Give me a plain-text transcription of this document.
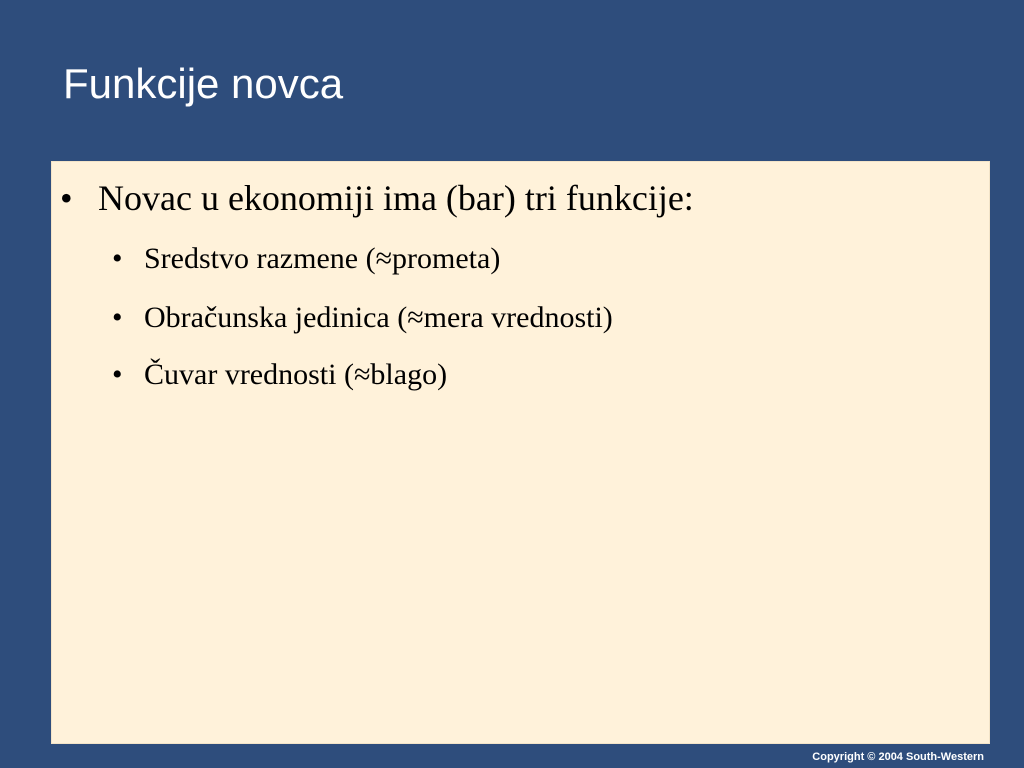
Funkcije novca
• Novac u ekonomiji ima (bar) tri funkcije:
• Sredstvo razmene (≈prometa)
• Obračunska jedinica (≈mera vrednosti)
• Čuvar vrednosti (≈blago)
Copyright © 2004 South-Western
